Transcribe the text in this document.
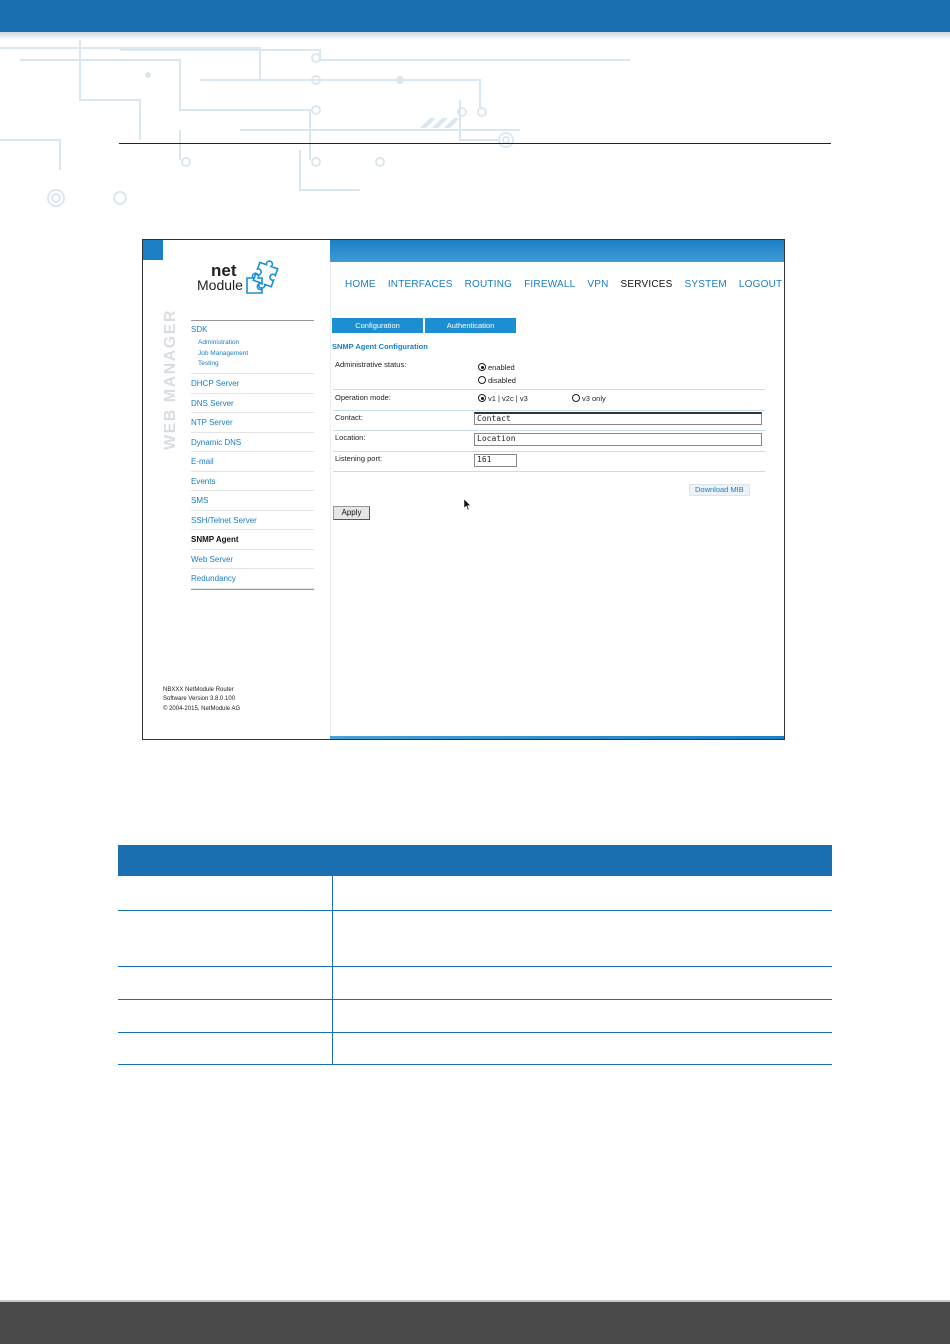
net
Module
WEB MANAGER SDK
Administration
Job Management
Testing
DHCP Server
DNS Server
NTP Server
Dynamic DNS
E-mail
Events
SMS
SSH/Telnet Server
SNMP Agent
Web Server
Redundancy
NBXXX NetModule Router
Software Version 3.8.0.100
© 2004-2015, NetModule AG
HOME INTERFACES ROUTING FIREWALL VPN SERVICES SYSTEM LOGOUT
Configuration	Authentication
SNMP Agent Configuration
Administrative status:	enabled
disabled
Operation mode:	v1 | v2c | v3	v3 only
Contact:	Contact
Location:	Location
Listening port:	161
Download MIB
Apply
